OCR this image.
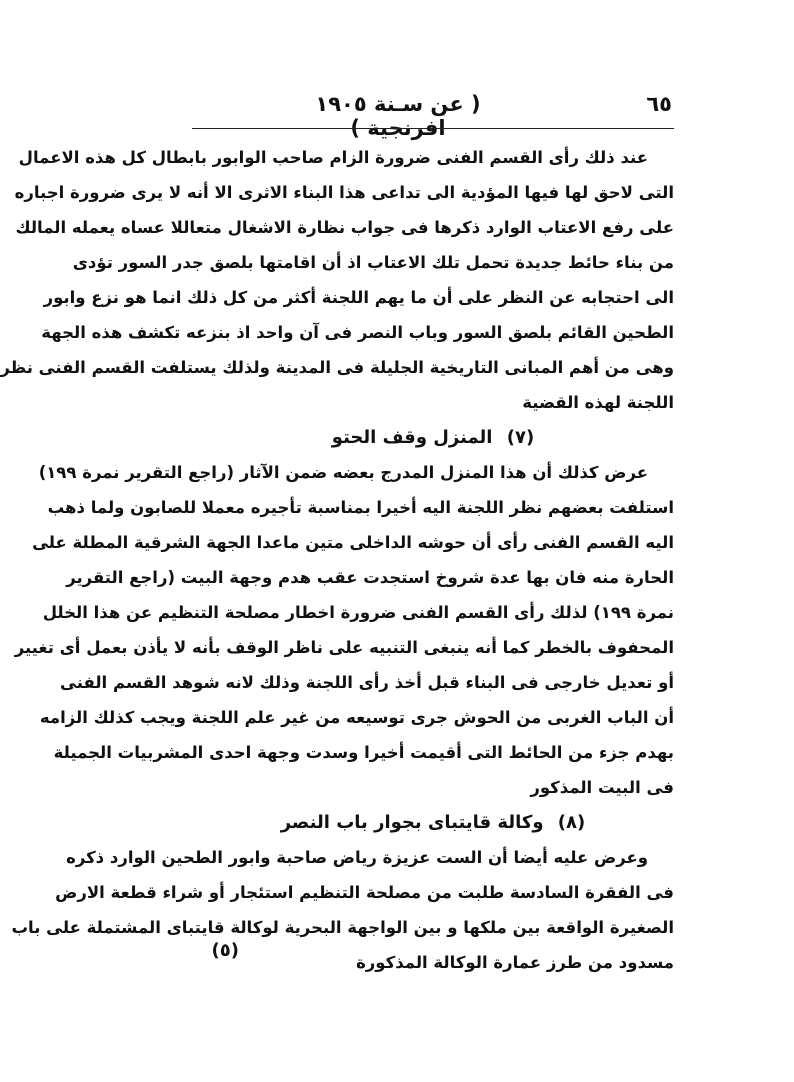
٦٥
( عن سـنة ١٩٠٥ افرنجية )
عند ذلك رأى القسم الفنى ضرورة الزام صاحب الوابور بابطال كل هذه الاعمال
التى لاحق لها فيها المؤدية الى تداعى هذا البناء الاثرى الا أنه لا يرى ضرورة اجباره
على رفع الاعتاب الوارد ذكرها فى جواب نظارة الاشغال متعاللا عساه يعمله المالك
من بناء حائط جديدة تحمل تلك الاعتاب اذ أن اقامتها بلصق جدر السور تؤدى
الى احتجابه عن النظر على أن ما يهم اللجنة أكثر من كل ذلك انما هو نزع وابور
الطحين القائم بلصق السور وباب النصر فى آن واحد اذ بنزعه تكشف هذه الجهة
وهى من أهم المبانى التاريخية الجليلة فى المدينة ولذلك يستلفت القسم الفنى نظر
اللجنة لهذه القضية
(٧) المنزل وقف الحتو
عرض كذلك أن هذا المنزل المدرج بعضه ضمن الآثار (راجع التقرير نمرة ١٩٩)
استلفت بعضهم نظر اللجنة اليه أخيرا بمناسبة تأجيره معملا للصابون ولما ذهب
اليه القسم الفنى رأى أن حوشه الداخلى متين ماعدا الجهة الشرقية المطلة على
الحارة منه فان بها عدة شروخ استجدت عقب هدم وجهة البيت (راجع التقرير
نمرة ١٩٩) لذلك رأى القسم الفنى ضرورة اخطار مصلحة التنظيم عن هذا الخلل
المحفوف بالخطر كما أنه ينبغى التنبيه على ناظر الوقف بأنه لا يأذن بعمل أى تغيير
أو تعديل خارجى فى البناء قبل أخذ رأى اللجنة وذلك لانه شوهد القسم الفنى
أن الباب الغربى من الحوش جرى توسيعه من غير علم اللجنة ويجب كذلك الزامه
بهدم جزء من الحائط التى أقيمت أخيرا وسدت وجهة احدى المشربيات الجميلة
فى البيت المذكور
(٨) وكالة قايتباى بجوار باب النصر
وعرض عليه أيضا أن الست عزيزة رياض صاحبة وابور الطحين الوارد ذكره
فى الفقرة السادسة طلبت من مصلحة التنظيم استئجار أو شراء قطعة الارض
الصغيرة الواقعة بين ملكها و بين الواجهة البحرية لوكالة قايتباى المشتملة على باب
مسدود من طرز عمارة الوكالة المذكورة
(٥)
